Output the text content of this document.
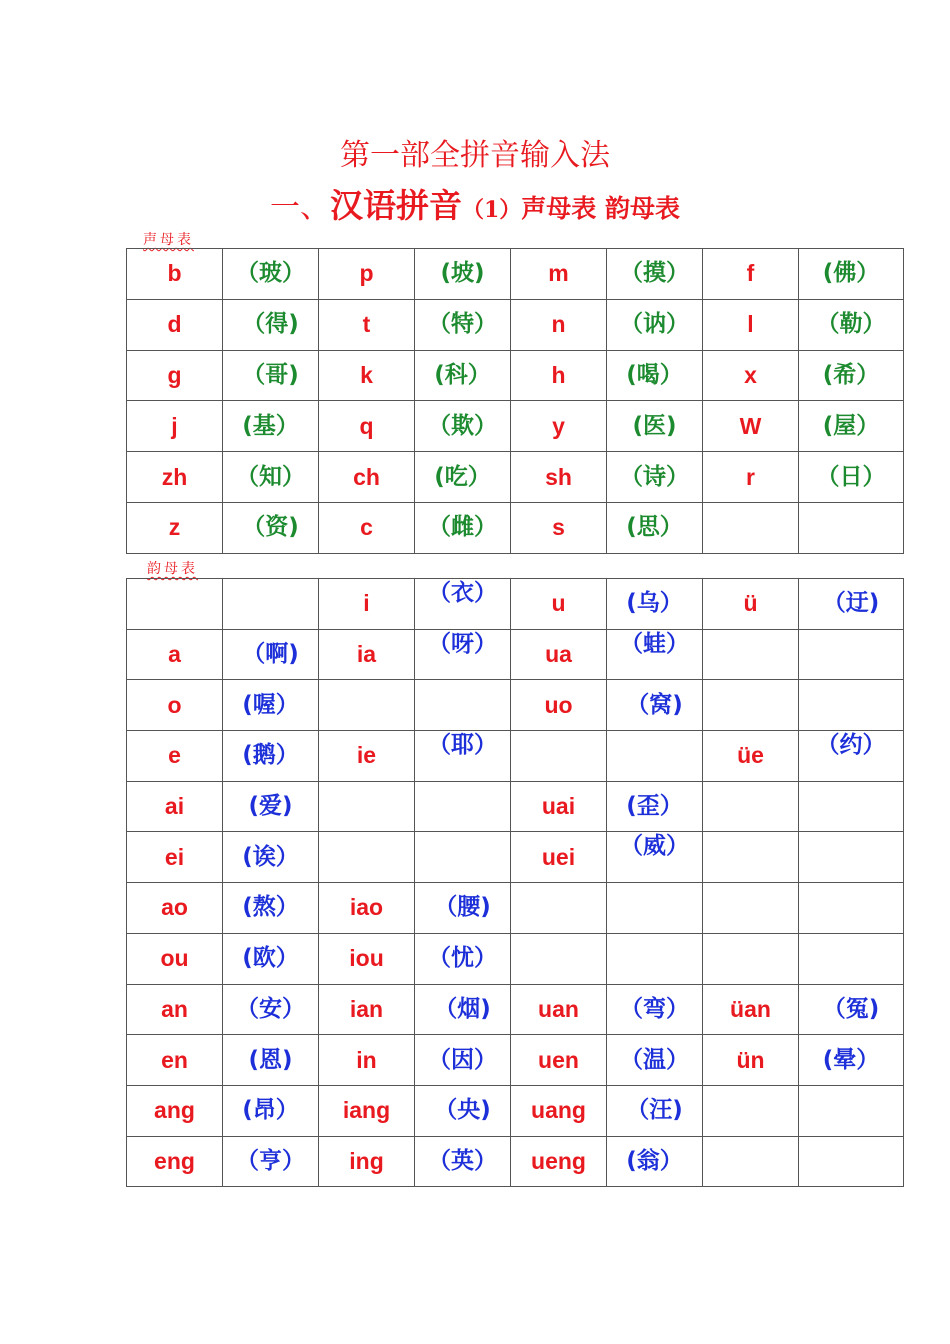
第一部全拼音输入法
一、汉语拼音（1）声母表 韵母表
声母表
b	（玻）	p	(坡)	m	（摸）	f	(佛）
d	（得)	t	（特）	n	（讷）	l	（勒）
g	（哥)	k	(科）	h	(喝）	x	(希）
j	(基）	q	（欺）	y	(医)	W	(屋）
zh	（知）	ch	(吃）	sh	（诗）	r	（日）
z	（资)	c	（雌）	s	(思）		
韵母表
		i	（衣）	u	(乌）	ü	（迂)
a	（啊)	ia	（呀）	ua	（蛙）		
o	(喔）			uo	（窝)		
e	(鹅）	ie	（耶）			üe	（约）
ai	(爱)			uai	(歪）		
ei	(诶）			uei	（威）		
ao	(熬）	iao	（腰)				
ou	(欧）	iou	（忧）				
an	（安）	ian	（烟)	uan	（弯）	üan	（冤)
en	(恩)	in	（因）	uen	（温）	ün	(晕）
ang	(昂）	iang	（央)	uang	（汪)		
eng	（亨）	ing	（英）	ueng	(翁）		
